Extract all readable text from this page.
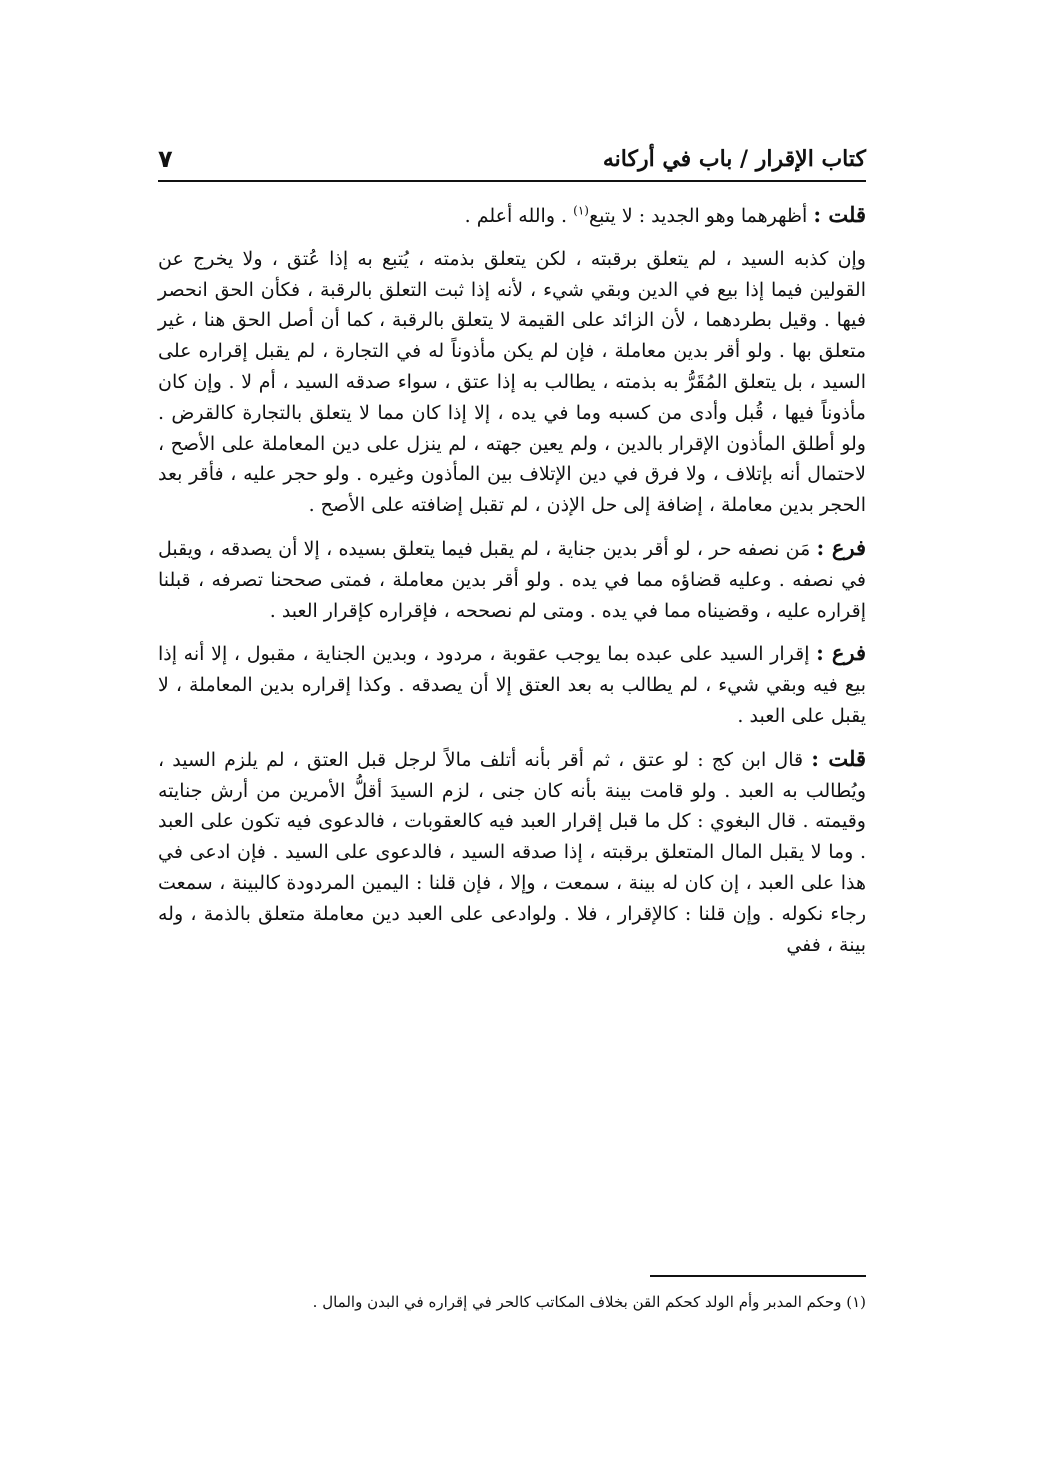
كتاب الإقرار / باب في أركانه
٧

قلت : أظهرهما وهو الجديد : لا يتبع$^{(١)}$ . والله أعلم .

وإن كذبه السيد ، لم يتعلق برقبته ، لكن يتعلق بذمته ، يُتبع به إذا عُتق ، ولا يخرج عن القولين فيما إذا بيع في الدين وبقي شيء ، لأنه إذا ثبت التعلق بالرقبة ، فكأن الحق انحصر فيها . وقيل بطردهما ، لأن الزائد على القيمة لا يتعلق بالرقبة ، كما أن أصل الحق هنا ، غير متعلق بها . ولو أقر بدين معاملة ، فإن لم يكن مأذوناً له في التجارة ، لم يقبل إقراره على السيد ، بل يتعلق المُقَرُّ به بذمته ، يطالب به إذا عتق ، سواء صدقه السيد ، أم لا . وإن كان مأذوناً فيها ، قُبل وأدى من كسبه وما في يده ، إلا إذا كان مما لا يتعلق بالتجارة كالقرض . ولو أطلق المأذون الإقرار بالدين ، ولم يعين جهته ، لم ينزل على دين المعاملة على الأصح ، لاحتمال أنه بإتلاف ، ولا فرق في دين الإتلاف بين المأذون وغيره . ولو حجر عليه ، فأقر بعد الحجر بدين معاملة ، إضافة إلى حل الإذن ، لم تقبل إضافته على الأصح .

فرع : مَن نصفه حر ، لو أقر بدين جناية ، لم يقبل فيما يتعلق بسيده ، إلا أن يصدقه ، ويقبل في نصفه . وعليه قضاؤه مما في يده . ولو أقر بدين معاملة ، فمتى صححنا تصرفه ، قبلنا إقراره عليه ، وقضيناه مما في يده . ومتى لم نصححه ، فإقراره كإقرار العبد .

فرع : إقرار السيد على عبده بما يوجب عقوبة ، مردود ، وبدين الجناية ، مقبول ، إلا أنه إذا بيع فيه وبقي شيء ، لم يطالب به بعد العتق إلا أن يصدقه . وكذا إقراره بدين المعاملة ، لا يقبل على العبد .

قلت : قال ابن كج : لو عتق ، ثم أقر بأنه أتلف مالاً لرجل قبل العتق ، لم يلزم السيد ، ويُطالب به العبد . ولو قامت بينة بأنه كان جنى ، لزم السيدَ أقلُّ الأمرين من أرش جنايته وقيمته . قال البغوي : كل ما قبل إقرار العبد فيه كالعقوبات ، فالدعوى فيه تكون على العبد . وما لا يقبل المال المتعلق برقبته ، إذا صدقه السيد ، فالدعوى على السيد . فإن ادعى في هذا على العبد ، إن كان له بينة ، سمعت ، وإلا ، فإن قلنا : اليمين المردودة كالبينة ، سمعت رجاء نكوله . وإن قلنا : كالإقرار ، فلا . ولوادعى على العبد دين معاملة متعلق بالذمة ، وله بينة ، ففي

(١) وحكم المدبر وأم الولد كحكم القن بخلاف المكاتب كالحر في إقراره في البدن والمال .
